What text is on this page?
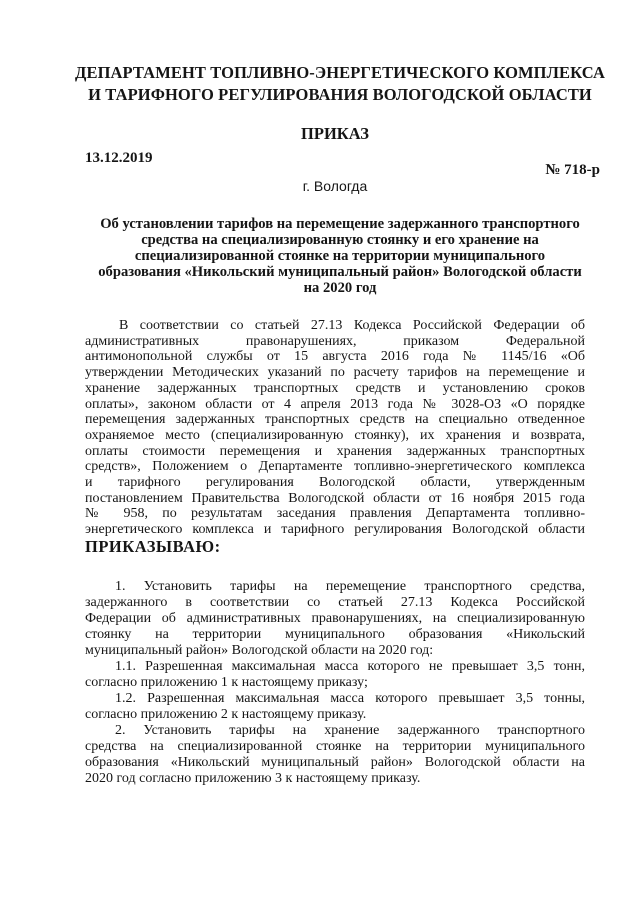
ДЕПАРТАМЕНТ ТОПЛИВНО-ЭНЕРГЕТИЧЕСКОГО КОМПЛЕКСА
И ТАРИФНОГО РЕГУЛИРОВАНИЯ ВОЛОГОДСКОЙ ОБЛАСТИ
ПРИКАЗ
13.12.2019
№ 718-р
г. Вологда
Об установлении тарифов на перемещение задержанного транспортного
средства на специализированную стоянку и его хранение на
специализированной стоянке на территории муниципального
образования «Никольский муниципальный район» Вологодской области
на 2020 год
В соответствии со статьей 27.13 Кодекса Российской Федерации об
административных правонарушениях, приказом Федеральной
антимонопольной службы от 15 августа 2016 года № 1145/16 «Об
утверждении Методических указаний по расчету тарифов на перемещение и
хранение задержанных транспортных средств и установлению сроков
оплаты», законом области от 4 апреля 2013 года № 3028-ОЗ «О порядке
перемещения задержанных транспортных средств на специально отведенное
охраняемое место (специализированную стоянку), их хранения и возврата,
оплаты стоимости перемещения и хранения задержанных транспортных
средств», Положением о Департаменте топливно-энергетического комплекса
и тарифного регулирования Вологодской области, утвержденным
постановлением Правительства Вологодской области от 16 ноября 2015 года
№ 958, по результатам заседания правления Департамента топливно-
энергетического комплекса и тарифного регулирования Вологодской области
ПРИКАЗЫВАЮ:
1. Установить тарифы на перемещение транспортного средства,
задержанного в соответствии со статьей 27.13 Кодекса Российской
Федерации об административных правонарушениях, на специализированную
стоянку на территории муниципального образования «Никольский
муниципальный район» Вологодской области на 2020 год:
1.1. Разрешенная максимальная масса которого не превышает 3,5 тонн,
согласно приложению 1 к настоящему приказу;
1.2. Разрешенная максимальная масса которого превышает 3,5 тонны,
согласно приложению 2 к настоящему приказу.
2. Установить тарифы на хранение задержанного транспортного
средства на специализированной стоянке на территории муниципального
образования «Никольский муниципальный район» Вологодской области на
2020 год согласно приложению 3 к настоящему приказу.
